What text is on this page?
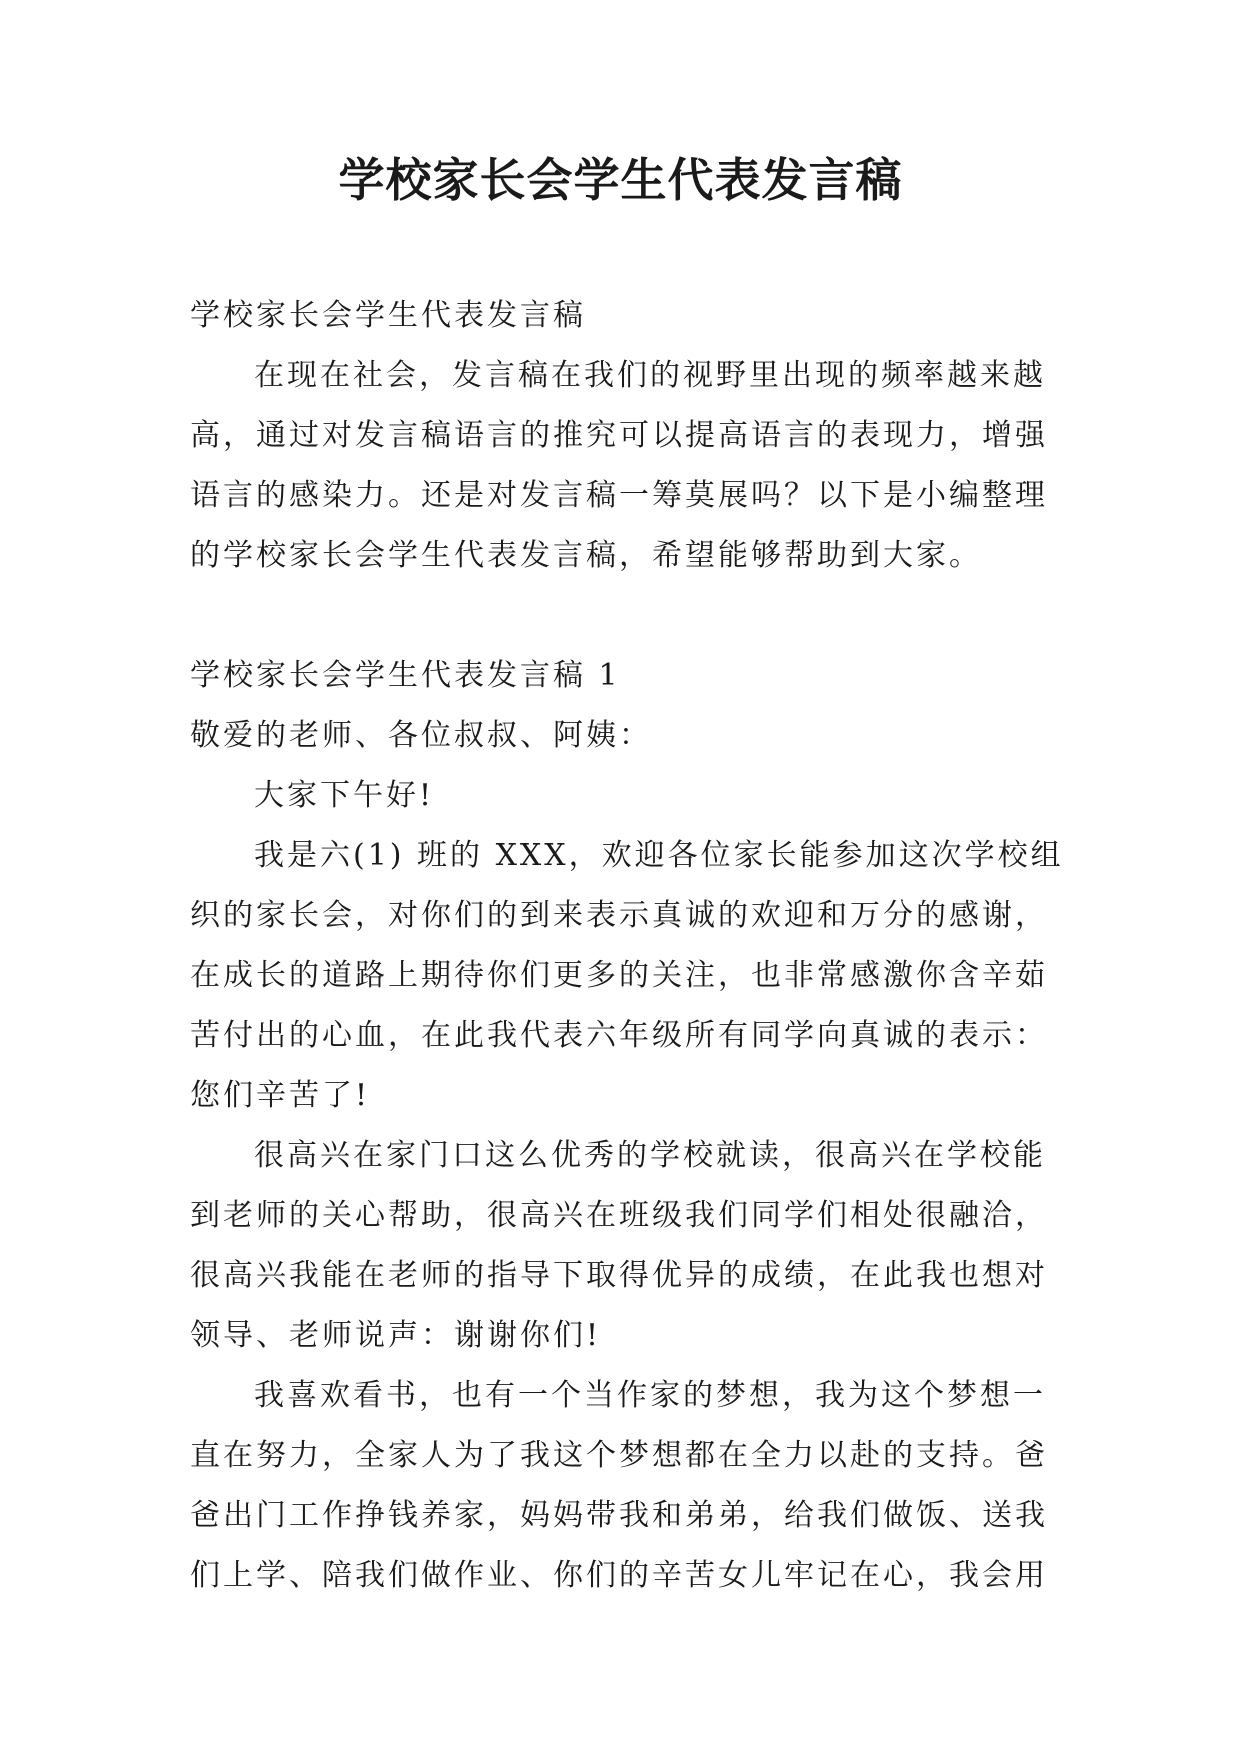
学校家长会学生代表发言稿
学校家长会学生代表发言稿
在现在社会，发言稿在我们的视野里出现的频率越来越
高，通过对发言稿语言的推究可以提高语言的表现力，增强
语言的感染力。还是对发言稿一筹莫展吗？以下是小编整理
的学校家长会学生代表发言稿，希望能够帮助到大家。
学校家长会学生代表发言稿 1
敬爱的老师、各位叔叔、阿姨：
大家下午好!
我是六(1) 班的 XXX，欢迎各位家长能参加这次学校组
织的家长会，对你们的到来表示真诚的欢迎和万分的感谢，
在成长的道路上期待你们更多的关注，也非常感激你含辛茹
苦付出的心血，在此我代表六年级所有同学向真诚的表示：
您们辛苦了!
很高兴在家门口这么优秀的学校就读，很高兴在学校能
到老师的关心帮助，很高兴在班级我们同学们相处很融洽，
很高兴我能在老师的指导下取得优异的成绩，在此我也想对
领导、老师说声：谢谢你们!
我喜欢看书，也有一个当作家的梦想，我为这个梦想一
直在努力，全家人为了我这个梦想都在全力以赴的支持。爸
爸出门工作挣钱养家，妈妈带我和弟弟，给我们做饭、送我
们上学、陪我们做作业、你们的辛苦女儿牢记在心，我会用
